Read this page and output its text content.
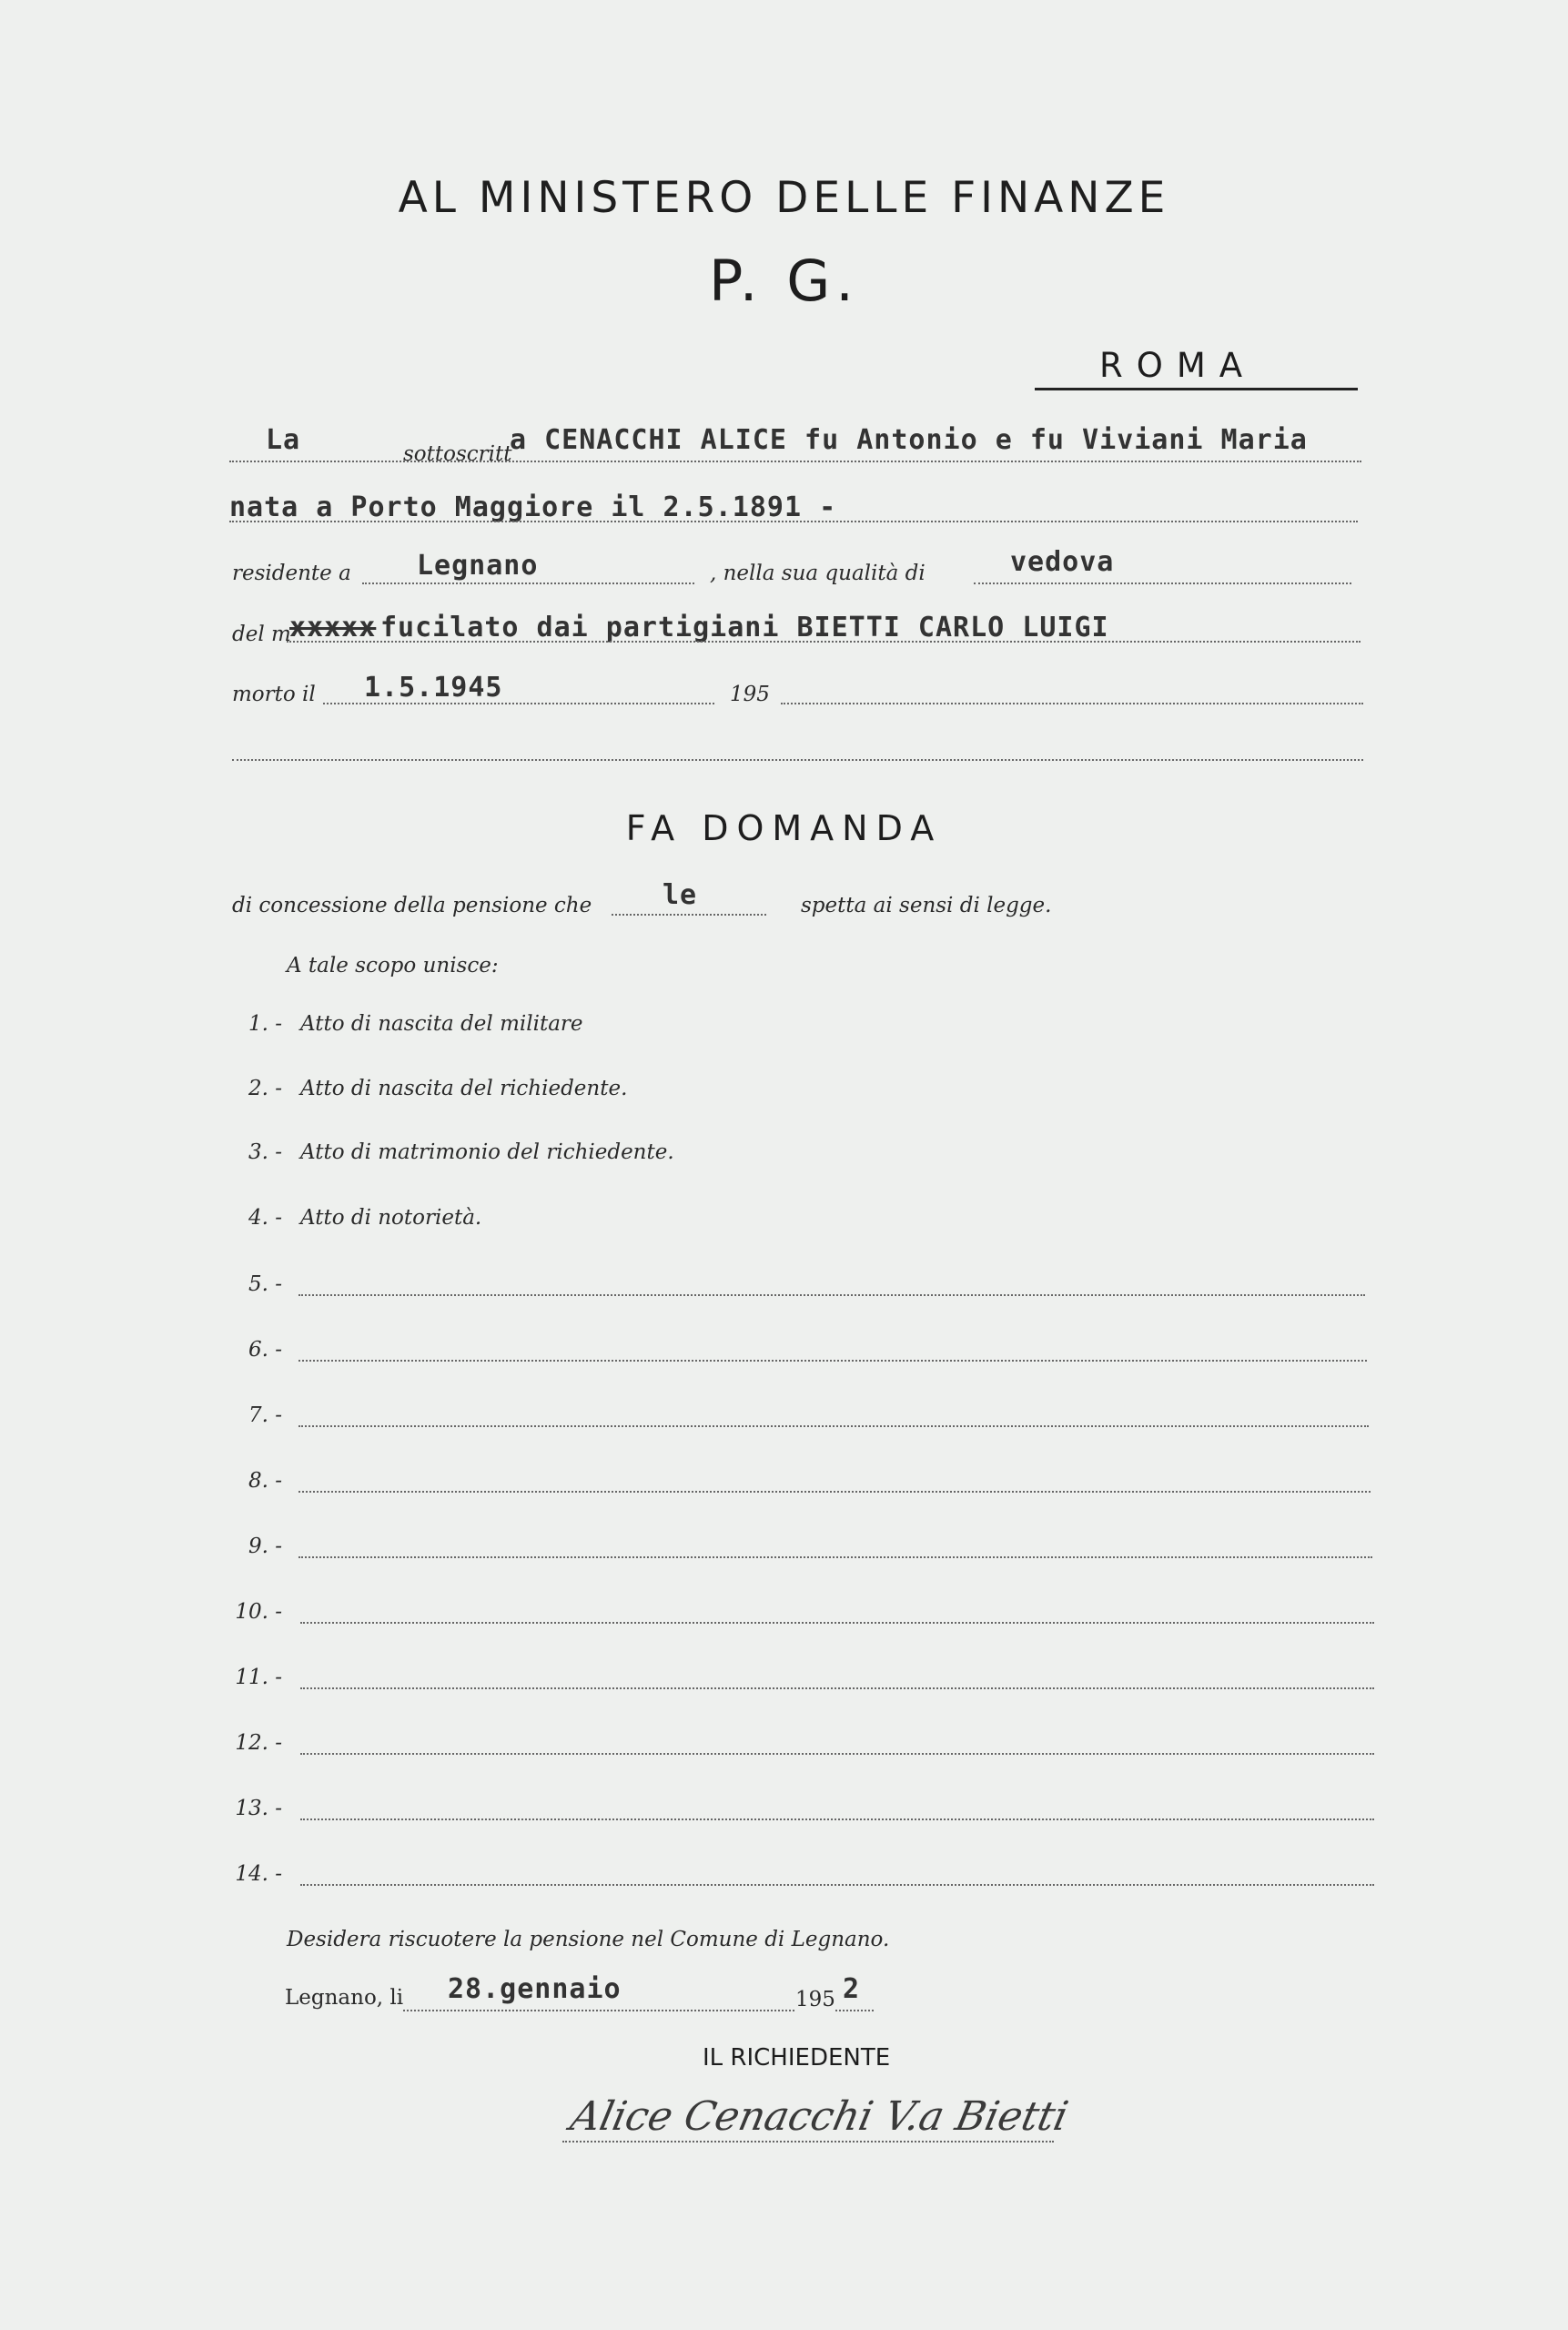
AL MINISTERO DELLE FINANZE
P. G.
ROMA
La	sottoscritt
a CENACCHI ALICE fu Antonio e fu Viviani Maria
nata a Porto Maggiore il 2.5.1891 -
residente a Legnano	, nella sua qualità di	vedova
del m
xxxxx fucilato dai partigiani BIETTI CARLO LUIGI
morto il 1.5.1945	195
FA DOMANDA
di concessione della pensione che	le	spetta ai sensi di legge.
A tale scopo unisce:
1. - Atto di nascita del militare
2. - Atto di nascita del richiedente.
3. - Atto di matrimonio del richiedente.
4. - Atto di notorietà.
5. -
6. -
7. -
8. -
9. -
10. -
11. -
12. -
13. -
14. -
Desidera riscuotere la pensione nel Comune di Legnano.
Legnano, li 28.gennaio	195 2
IL RICHIEDENTE
Alice Cenacchi V.a Bietti
